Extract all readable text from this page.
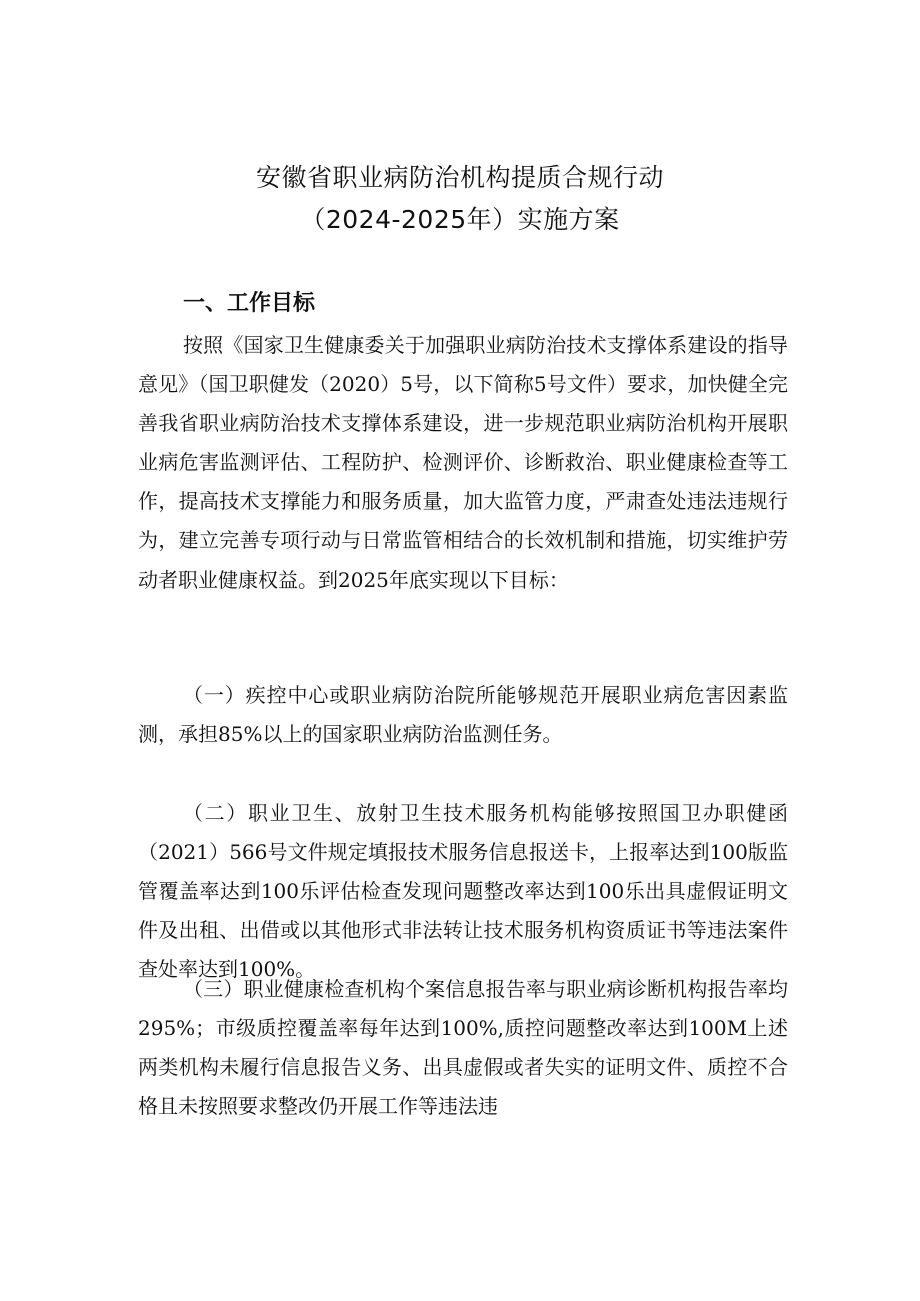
安徽省职业病防治机构提质合规行动
（2024-2025年）实施方案
一、工作目标

按照《国家卫生健康委关于加强职业病防治技术支撑体系建设的指导意见》（国卫职健发（2020）5号，以下简称5号文件）要求，加快健全完善我省职业病防治技术支撑体系建设，进一步规范职业病防治机构开展职业病危害监测评估、工程防护、检测评价、诊断救治、职业健康检查等工作，提高技术支撑能力和服务质量，加大监管力度，严肃查处违法违规行为，建立完善专项行动与日常监管相结合的长效机制和措施，切实维护劳动者职业健康权益。到2025年底实现以下目标：

（一）疾控中心或职业病防治院所能够规范开展职业病危害因素监测，承担85%以上的国家职业病防治监测任务。

（二）职业卫生、放射卫生技术服务机构能够按照国卫办职健函（2021）566号文件规定填报技术服务信息报送卡，上报率达到100版监管覆盖率达到100乐评估检查发现问题整改率达到100乐出具虚假证明文件及出租、出借或以其他形式非法转让技术服务机构资质证书等违法案件查处率达到100%。

（三）职业健康检查机构个案信息报告率与职业病诊断机构报告率均295%；市级质控覆盖率每年达到100%,质控问题整改率达到100M上述两类机构未履行信息报告义务、出具虚假或者失实的证明文件、质控不合格且未按照要求整改仍开展工作等违法违
